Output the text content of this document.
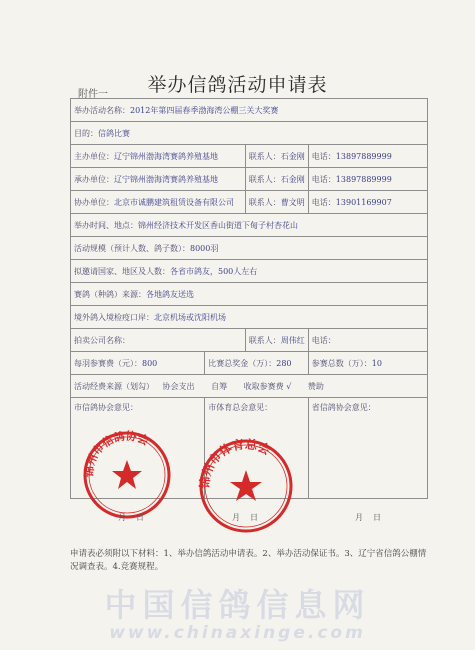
举办信鸽活动申请表
附件一
举办活动名称：2012年第四届春季渤海湾公棚三关大奖赛			
目的：信鸽比赛			
主办单位：辽宁锦州渤海湾赛鸽养殖基地		联系人：石金刚	电话：13897889999
承办单位：辽宁锦州渤海湾赛鸽养殖基地		联系人：石金刚	电话：13897889999
协办单位：北京市诚鹏建筑租赁设备有限公司		联系人：曹文明	电话：13901169907
举办时间、地点：锦州经济技术开发区香山街道下甸子村杏花山			
活动规模（预计人数、鸽子数）：8000羽			
拟邀请国家、地区及人数：各省市鸽友，500人左右			
赛鸽（种鸽）来源：各地鸽友送选			
境外鸽入境检疫口岸：北京机场或沈阳机场			
拍卖公司名称：		联系人：周伟红	电话：
每羽参赛费（元）：800	比赛总奖金（万）：280		参赛总数（万）：10
活动经费来源（划勾） 协会支出 自筹 收取参赛费 √ 赞助			
市信鸽协会意见：	市体育总会意见：		省信鸽协会意见：
锦州市信鸽协会
锦州市体育总会
月　日	月　日	月　日
申请表必须附以下材料：1、举办信鸽活动申请表。2、举办活动保证书。3、辽宁省信鸽公棚情况调查表。4.竞赛规程。
中国信鸽信息网
www.chinaxinge.com
